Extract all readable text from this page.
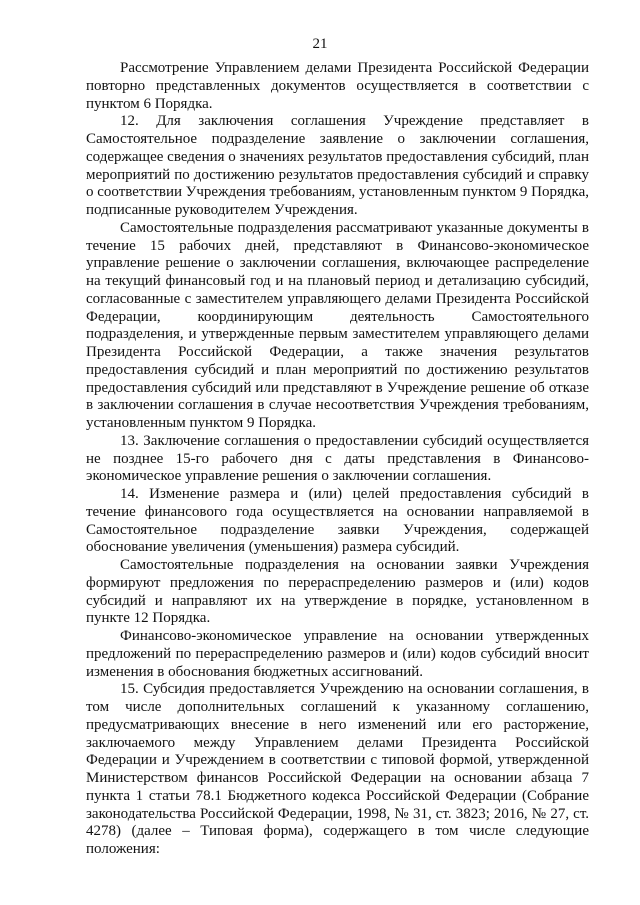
21

Рассмотрение Управлением делами Президента Российской Федерации повторно представленных документов осуществляется в соответствии с пунктом 6 Порядка.

12. Для заключения соглашения Учреждение представляет в Самостоятельное подразделение заявление о заключении соглашения, содержащее сведения о значениях результатов предоставления субсидий, план мероприятий по достижению результатов предоставления субсидий и справку о соответствии Учреждения требованиям, установленным пунктом 9 Порядка, подписанные руководителем Учреждения.

Самостоятельные подразделения рассматривают указанные документы в течение 15 рабочих дней, представляют в Финансово-экономическое управление решение о заключении соглашения, включающее распределение на текущий финансовый год и на плановый период и детализацию субсидий, согласованные с заместителем управляющего делами Президента Российской Федерации, координирующим деятельность Самостоятельного подразделения, и утвержденные первым заместителем управляющего делами Президента Российской Федерации, а также значения результатов предоставления субсидий и план мероприятий по достижению результатов предоставления субсидий или представляют в Учреждение решение об отказе в заключении соглашения в случае несоответствия Учреждения требованиям, установленным пунктом 9 Порядка.

13. Заключение соглашения о предоставлении субсидий осуществляется не позднее 15-го рабочего дня с даты представления в Финансово-экономическое управление решения о заключении соглашения.

14. Изменение размера и (или) целей предоставления субсидий в течение финансового года осуществляется на основании направляемой в Самостоятельное подразделение заявки Учреждения, содержащей обоснование увеличения (уменьшения) размера субсидий.

Самостоятельные подразделения на основании заявки Учреждения формируют предложения по перераспределению размеров и (или) кодов субсидий и направляют их на утверждение в порядке, установленном в пункте 12 Порядка.

Финансово-экономическое управление на основании утвержденных предложений по перераспределению размеров и (или) кодов субсидий вносит изменения в обоснования бюджетных ассигнований.

15. Субсидия предоставляется Учреждению на основании соглашения, в том числе дополнительных соглашений к указанному соглашению, предусматривающих внесение в него изменений или его расторжение, заключаемого между Управлением делами Президента Российской Федерации и Учреждением в соответствии с типовой формой, утвержденной Министерством финансов Российской Федерации на основании абзаца 7 пункта 1 статьи 78.1 Бюджетного кодекса Российской Федерации (Собрание законодательства Российской Федерации, 1998, № 31, ст. 3823; 2016, № 27, ст. 4278) (далее – Типовая форма), содержащего в том числе следующие положения:
